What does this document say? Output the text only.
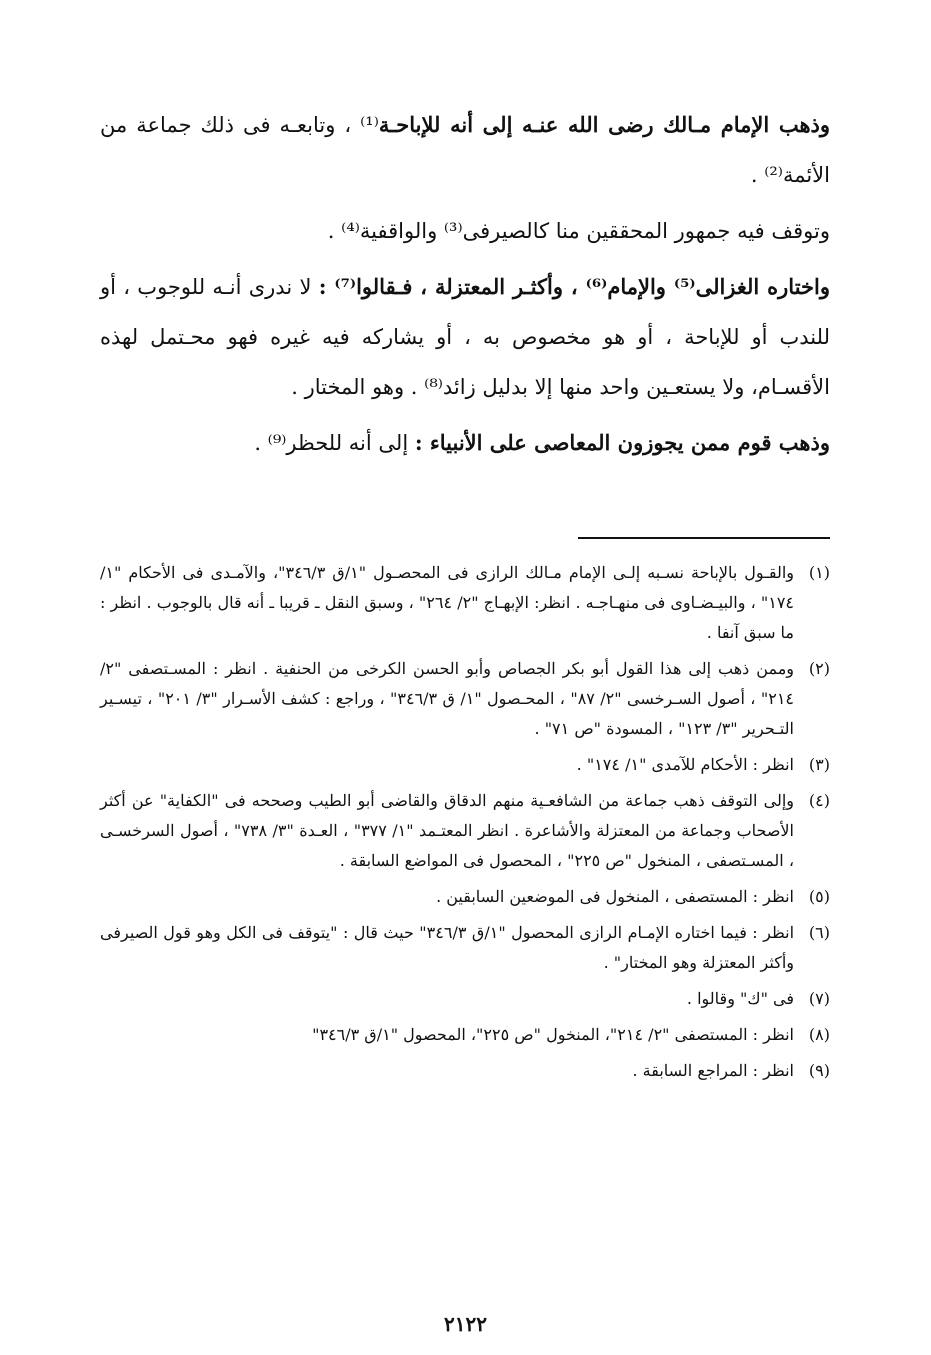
وذهب الإمام مـالك رضى الله عنـه إلى أنه للإباحـة⁽¹⁾ ، وتابعـه فى ذلك جماعة من الأئمة⁽²⁾ .

وتوقف فيه جمهور المحققين منا كالصيرفى⁽³⁾ والواقفية⁽⁴⁾ .

واختاره الغزالى⁽⁵⁾ والإمام⁽⁶⁾ ، وأكثـر المعتزلة ، فـقالوا⁽⁷⁾ : لا ندرى أنـه للوجوب ، أو للندب أو للإباحة ، أو هو مخصوص به ، أو يشاركه فيه غيره فهو محـتمل لهذه الأقسـام، ولا يستعـين واحد منها إلا بدليل زائد⁽⁸⁾ . وهو المختار .

وذهب قوم ممن يجوزون المعاصى على الأنبياء : إلى أنه للحظر⁽⁹⁾ .

(١)
والقـول بالإباحة نسـبه إلـى الإمام مـالك الرازى فى المحصـول "١/ق ٣٤٦/٣"، والآمـدى فى الأحكام "١/ ١٧٤" ، والبيـضـاوى فى منهـاجـه . انظر: الإبهـاج "٢/ ٢٦٤" ، وسبق النقل ـ قريبا ـ أنه قال بالوجوب . انظر : ما سبق آنفا .
(٢)
وممن ذهب إلى هذا القول أبو بكر الجصاص وأبو الحسن الكرخى من الحنفية . انظر : المسـتصفى "٢/ ٢١٤" ، أصول السـرخسى "٢/ ٨٧" ، المحـصول "١/ ق ٣٤٦/٣" ، وراجع : كشف الأسـرار "٣/ ٢٠١" ، تيسـير التـحرير "٣/ ١٢٣" ، المسودة "ص ٧١" .
(٣)
انظر : الأحكام للآمدى "١/ ١٧٤" .
(٤)
وإلى التوقف ذهب جماعة من الشافعـية منهم الدقاق والقاضى أبو الطيب وصححه فى "الكفاية" عن أكثر الأصحاب وجماعة من المعتزلة والأشاعرة . انظر المعتـمد "١/ ٣٧٧" ، العـدة "٣/ ٧٣٨" ، أصول السرخسـى ، المسـتصفى ، المنخول "ص ٢٢٥" ، المحصول فى المواضع السابقة .
(٥)
انظر : المستصفى ، المنخول فى الموضعين السابقين .
(٦)
انظر : فيما اختاره الإمـام الرازى المحصول "١/ق ٣٤٦/٣" حيث قال : "يتوقف فى الكل وهو قول الصيرفى وأكثر المعتزلة وهو المختار" .
(٧)
فى "ك" وقالوا .
(٨)
انظر : المستصفى "٢/ ٢١٤"، المنخول "ص ٢٢٥"، المحصول "١/ق ٣٤٦/٣"
(٩)
انظر : المراجع السابقة .
٢١٢٢
